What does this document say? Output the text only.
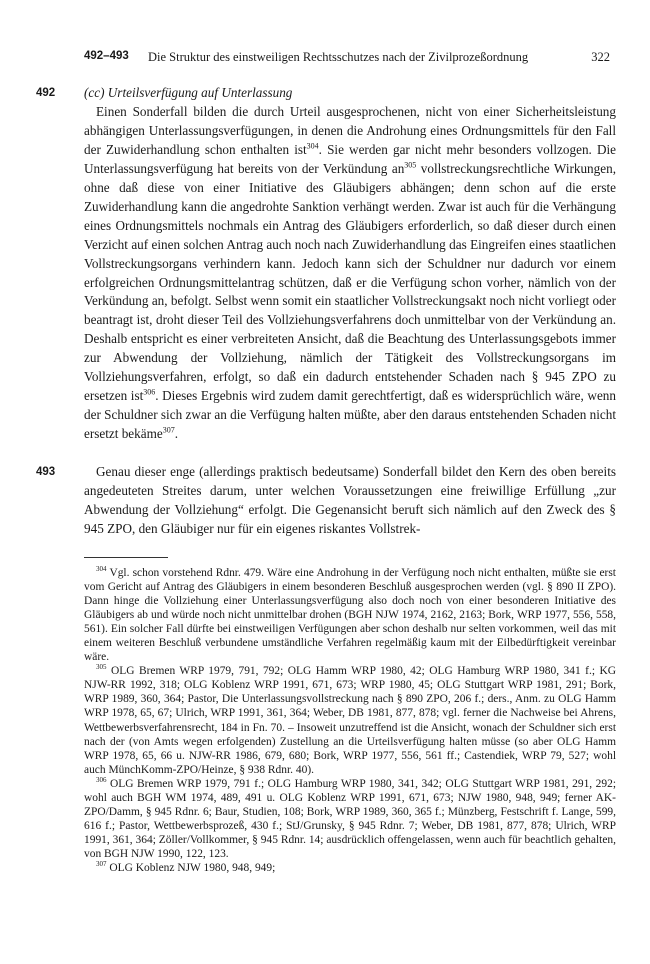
492–493 Die Struktur des einstweiligen Rechtsschutzes nach der Zivilprozeßordnung	322
492
493

(cc) Urteilsverfügung auf Unterlassung

Einen Sonderfall bilden die durch Urteil ausgesprochenen, nicht von einer Sicherheitsleistung abhängigen Unterlassungsverfügungen, in denen die Androhung eines Ordnungsmittels für den Fall der Zuwiderhandlung schon enthalten ist$^{304}$. Sie werden gar nicht mehr besonders vollzogen. Die Unterlassungsverfügung hat bereits von der Verkündung $an^{305}$ vollstreckungsrechtliche Wirkungen, ohne daß diese von einer Initiative des Gläubigers abhängen; denn schon auf die erste Zuwiderhandlung kann die angedrohte Sanktion verhängt werden. Zwar ist auch für die Verhängung eines Ordnungsmittels nochmals ein Antrag des Gläubigers erforderlich, so daß dieser durch einen Verzicht auf einen solchen Antrag auch noch nach Zuwiderhandlung das Eingreifen eines staatlichen Vollstreckungsorgans verhindern kann. Jedoch kann sich der Schuldner nur dadurch vor einem erfolgreichen Ordnungsmittelantrag schützen, daß er die Verfügung schon vorher, nämlich von der Verkündung an, befolgt. Selbst wenn somit ein staatlicher Vollstreckungsakt noch nicht vorliegt oder beantragt ist, droht dieser Teil des Vollziehungsverfahrens doch unmittelbar von der Verkündung an. Deshalb entspricht es einer verbreiteten Ansicht, daß die Beachtung des Unterlassungsgebots immer zur Abwendung der Vollziehung, nämlich der Tätigkeit des Vollstreckungsorgans im Vollziehungsverfahren, erfolgt, so daß ein dadurch entstehender Schaden nach § 945 ZPO zu ersetzen ist$^{306}$. Dieses Ergebnis wird zudem damit gerechtfertigt, daß es widersprüchlich wäre, wenn der Schuldner sich zwar an die Verfügung halten müßte, aber den daraus entstehenden Schaden nicht ersetzt bekäme$^{307}$.

Genau dieser enge (allerdings praktisch bedeutsame) Sonderfall bildet den Kern des oben bereits angedeuteten Streites darum, unter welchen Voraussetzungen eine freiwillige Erfüllung „zur Abwendung der Vollziehung“ erfolgt. Die Gegenansicht beruft sich nämlich auf den Zweck des § 945 ZPO, den Gläubiger nur für ein eigenes riskantes Vollstrek-

$^{304}$ Vgl. schon vorstehend Rdnr. 479. Wäre eine Androhung in der Verfügung noch nicht enthalten, müßte sie erst vom Gericht auf Antrag des Gläubigers in einem besonderen Beschluß ausgesprochen werden (vgl. § 890 II ZPO). Dann hinge die Vollziehung einer Unterlassungsverfügung also doch noch von einer besonderen Initiative des Gläubigers ab und würde noch nicht unmittelbar drohen (BGH NJW 1974, 2162, 2163; Bork, WRP 1977, 556, 558, 561). Ein solcher Fall dürfte bei einstweiligen Verfügungen aber schon deshalb nur selten vorkommen, weil das mit einem weiteren Beschluß verbundene umständliche Verfahren regelmäßig kaum mit der Eilbedürftigkeit vereinbar wäre.

$^{305}$ OLG Bremen WRP 1979, 791, 792; OLG Hamm WRP 1980, 42; OLG Hamburg WRP 1980, 341 f.; KG NJW-RR 1992, 318; OLG Koblenz WRP 1991, 671, 673; WRP 1980, 45; OLG Stuttgart WRP 1981, 291; Bork, WRP 1989, 360, 364; Pastor, Die Unterlassungsvollstreckung nach § 890 ZPO, 206 f.; ders., Anm. zu OLG Hamm WRP 1978, 65, 67; Ulrich, WRP 1991, 361, 364; Weber, DB 1981, 877, 878; vgl. ferner die Nachweise bei Ahrens, Wettbewerbsverfahrensrecht, 184 in Fn. 70. – Insoweit unzutreffend ist die Ansicht, wonach der Schuldner sich erst nach der (von Amts wegen erfolgenden) Zustellung an die Urteilsverfügung halten müsse (so aber OLG Hamm WRP 1978, 65, 66 u. NJW-RR 1986, 679, 680; Bork, WRP 1977, 556, 561 ff.; Castendiek, WRP 79, 527; wohl auch MünchKomm-ZPO/Heinze, § 938 Rdnr. 40).

$^{306}$ OLG Bremen WRP 1979, 791 f.; OLG Hamburg WRP 1980, 341, 342; OLG Stuttgart WRP 1981, 291, 292; wohl auch BGH WM 1974, 489, 491 u. OLG Koblenz WRP 1991, 671, 673; NJW 1980, 948, 949; ferner AK-ZPO/Damm, § 945 Rdnr. 6; Baur, Studien, 108; Bork, WRP 1989, 360, 365 f.; Münzberg, Festschrift f. Lange, 599, 616 f.; Pastor, Wettbewerbsprozeß, 430 f.; StJ/Grunsky, § 945 Rdnr. 7; Weber, DB 1981, 877, 878; Ulrich, WRP 1991, 361, 364; Zöller/Vollkommer, § 945 Rdnr. 14; ausdrücklich offengelassen, wenn auch für beachtlich gehalten, von BGH NJW 1990, 122, 123.

$^{307}$ OLG Koblenz NJW 1980, 948, 949;
